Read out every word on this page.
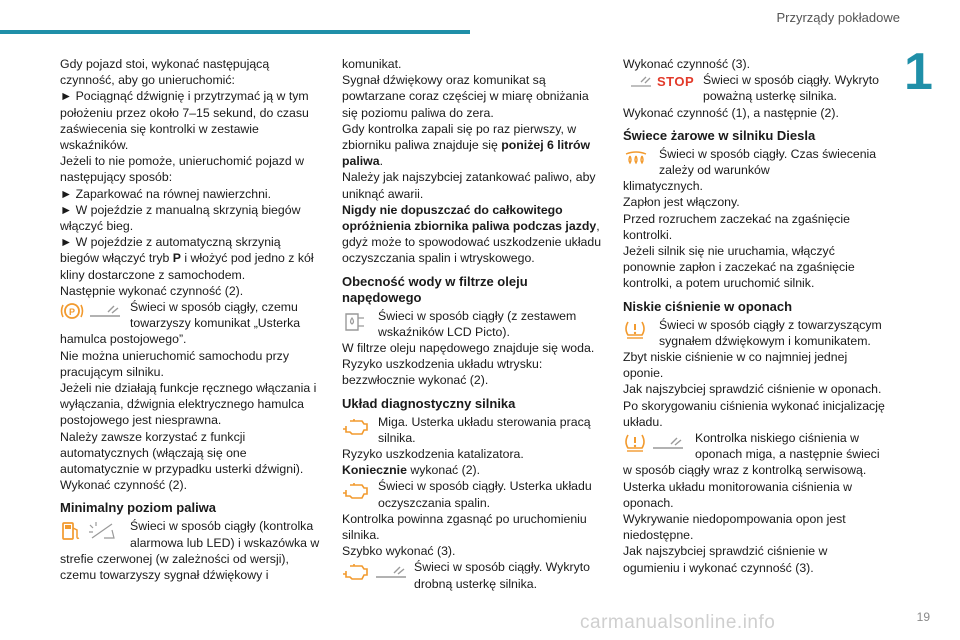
Przyrządy pokładowe
1

Gdy pojazd stoi, wykonać następującą czynność, aby go unieruchomić:

► Pociągnąć dźwignię i przytrzymać ją w tym położeniu przez około 7–15 sekund, do czasu zaświecenia się kontrolki w zestawie wskaźników.

Jeżeli to nie pomoże, unieruchomić pojazd w następujący sposób:

► Zaparkować na równej nawierzchni.

► W pojeździe z manualną skrzynią biegów włączyć bieg.

► W pojeździe z automatyczną skrzynią biegów włączyć tryb P i włożyć pod jedno z kół kliny dostarczone z samochodem.

Następnie wykonać czynność (2).

P	Świeci w sposób ciągły, czemu towarzyszy komunikat „Usterka

hamulca postojowego”.

Nie można unieruchomić samochodu przy pracującym silniku.

Jeżeli nie działają funkcje ręcznego włączania i wyłączania, dźwignia elektrycznego hamulca postojowego jest niesprawna.

Należy zawsze korzystać z funkcji automatycznych (włączają się one automatycznie w przypadku usterki dźwigni).

Wykonać czynność (2).

Minimalny poziom paliwa
Świeci w sposób ciągły (kontrolka alarmowa lub LED) i wskazówka w

strefie czerwonej (w zależności od wersji), czemu towarzyszy sygnał dźwiękowy i

komunikat.

Sygnał dźwiękowy oraz komunikat są powtarzane coraz częściej w miarę obniżania się poziomu paliwa do zera.

Gdy kontrolka zapali się po raz pierwszy, w zbiorniku paliwa znajduje się poniżej 6 litrów paliwa.

Należy jak najszybciej zatankować paliwo, aby uniknąć awarii.

Nigdy nie dopuszczać do całkowitego opróżnienia zbiornika paliwa podczas jazdy, gdyż może to spowodować uszkodzenie układu oczyszczania spalin i wtryskowego.

Obecność wody w filtrze oleju napędowego
Świeci w sposób ciągły (z zestawem wskaźników LCD Picto).

W filtrze oleju napędowego znajduje się woda.

Ryzyko uszkodzenia układu wtrysku: bezzwłocznie wykonać (2).

Układ diagnostyczny silnika
Miga. Usterka układu sterowania pracą silnika.

Ryzyko uszkodzenia katalizatora.

Koniecznie wykonać (2).

Świeci w sposób ciągły. Usterka układu oczyszczania spalin.

Kontrolka powinna zgasnąć po uruchomieniu silnika.

Szybko wykonać (3).

Świeci w sposób ciągły. Wykryto drobną usterkę silnika.

Wykonać czynność (3).

STOP Świeci w sposób ciągły. Wykryto poważną usterkę silnika.

Wykonać czynność (1), a następnie (2).

Świece żarowe w silniku Diesla
Świeci w sposób ciągły. Czas świecenia zależy od warunków

klimatycznych.

Zapłon jest włączony.

Przed rozruchem zaczekać na zgaśnięcie kontrolki.

Jeżeli silnik się nie uruchamia, włączyć ponownie zapłon i zaczekać na zgaśnięcie kontrolki, a potem uruchomić silnik.

Niskie ciśnienie w oponach
Świeci w sposób ciągły z towarzyszącym sygnałem dźwiękowym i komunikatem.

Zbyt niskie ciśnienie w co najmniej jednej oponie.

Jak najszybciej sprawdzić ciśnienie w oponach.

Po skorygowaniu ciśnienia wykonać inicjalizację układu.

Kontrolka niskiego ciśnienia w oponach miga, a następnie świeci

w sposób ciągły wraz z kontrolką serwisową.

Usterka układu monitorowania ciśnienia w oponach.

Wykrywanie niedopompowania opon jest niedostępne.

Jak najszybciej sprawdzić ciśnienie w ogumieniu i wykonać czynność (3).

carmanualsonline.info	19
